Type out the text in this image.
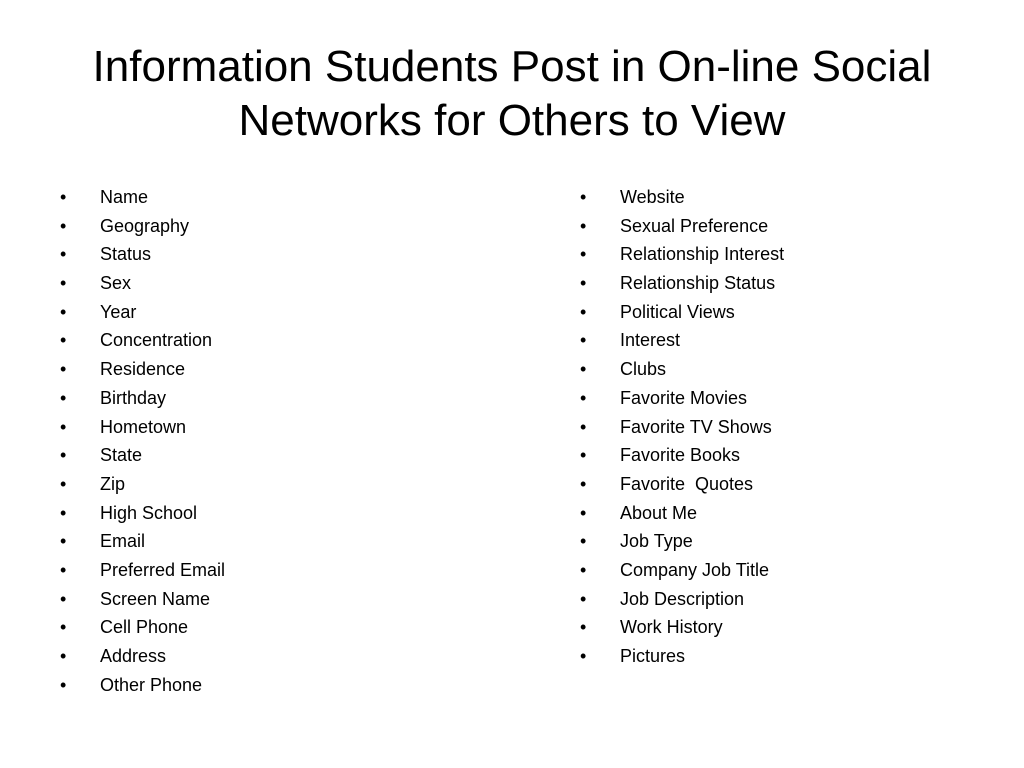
Information Students Post in On-line Social
Networks for Others to View
• Name
• Geography
• Status
• Sex
• Year
• Concentration
• Residence
• Birthday
• Hometown
• State
• Zip
• High School
• Email
• Preferred Email
• Screen Name
• Cell Phone
• Address
• Other Phone
• Website
• Sexual Preference
• Relationship Interest
• Relationship Status
• Political Views
• Interest
• Clubs
• Favorite Movies
• Favorite TV Shows
• Favorite Books
• Favorite  Quotes
• About Me
• Job Type
• Company Job Title
• Job Description
• Work History
• Pictures
